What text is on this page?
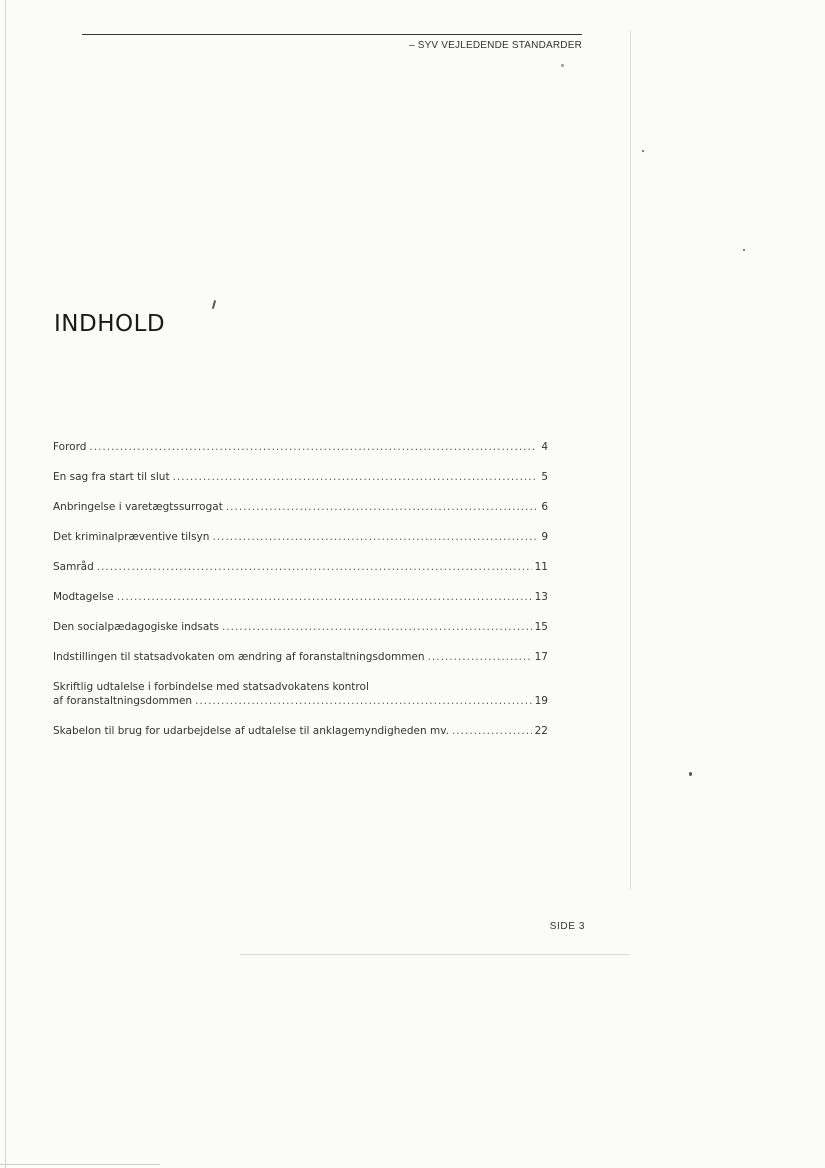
– SYV VEJLEDENDE STANDARDER
INDHOLD
Forord .....	4
En sag fra start til slut .....	5
Anbringelse i varetægtssurrogat .....	6
Det kriminalpræventive tilsyn .....	9
Samråd .....	11
Modtagelse .....	13
Den socialpædagogiske indsats .....	15
Indstillingen til statsadvokaten om ændring af foranstaltningsdommen .....	17
Skriftlig udtalelse i forbindelse med statsadvokatens kontrol
af foranstaltningsdommen .....	19
Skabelon til brug for udarbejdelse af udtalelse til anklagemyndigheden mv. .....	22
SIDE 3
